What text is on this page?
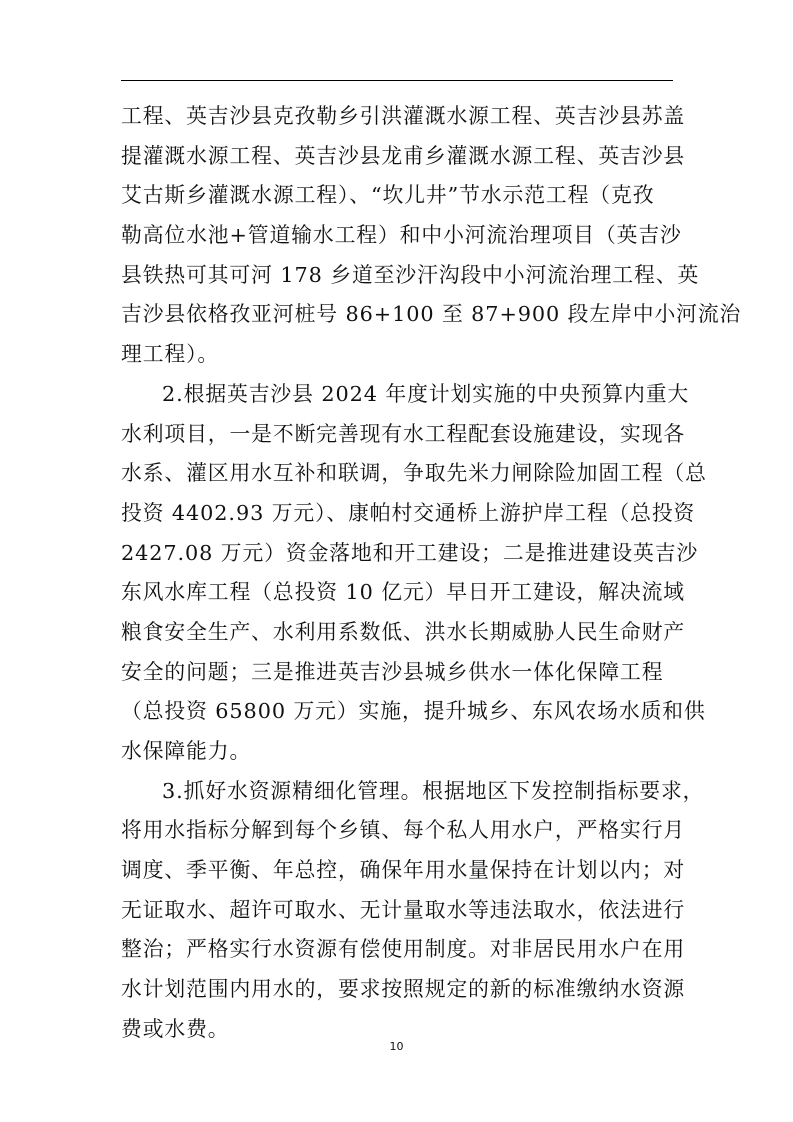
工程、英吉沙县克孜勒乡引洪灌溉水源工程、英吉沙县苏盖
提灌溉水源工程、英吉沙县龙甫乡灌溉水源工程、英吉沙县
艾古斯乡灌溉水源工程）、“坎儿井”节水示范工程（克孜
勒高位水池+管道输水工程）和中小河流治理项目（英吉沙
县铁热可其可河 178 乡道至沙汗沟段中小河流治理工程、英
吉沙县依格孜亚河桩号 86+100 至 87+900 段左岸中小河流治
理工程）。
2.根据英吉沙县 2024 年度计划实施的中央预算内重大
水利项目，一是不断完善现有水工程配套设施建设，实现各
水系、灌区用水互补和联调，争取先米力闸除险加固工程（总
投资 4402.93 万元）、康帕村交通桥上游护岸工程（总投资
2427.08 万元）资金落地和开工建设；二是推进建设英吉沙
东风水库工程（总投资 10 亿元）早日开工建设，解决流域
粮食安全生产、水利用系数低、洪水长期威胁人民生命财产
安全的问题；三是推进英吉沙县城乡供水一体化保障工程
（总投资 65800 万元）实施，提升城乡、东风农场水质和供
水保障能力。
3.抓好水资源精细化管理。根据地区下发控制指标要求，
将用水指标分解到每个乡镇、每个私人用水户，严格实行月
调度、季平衡、年总控，确保年用水量保持在计划以内；对
无证取水、超许可取水、无计量取水等违法取水，依法进行
整治；严格实行水资源有偿使用制度。对非居民用水户在用
水计划范围内用水的，要求按照规定的新的标准缴纳水资源
费或水费。
10
